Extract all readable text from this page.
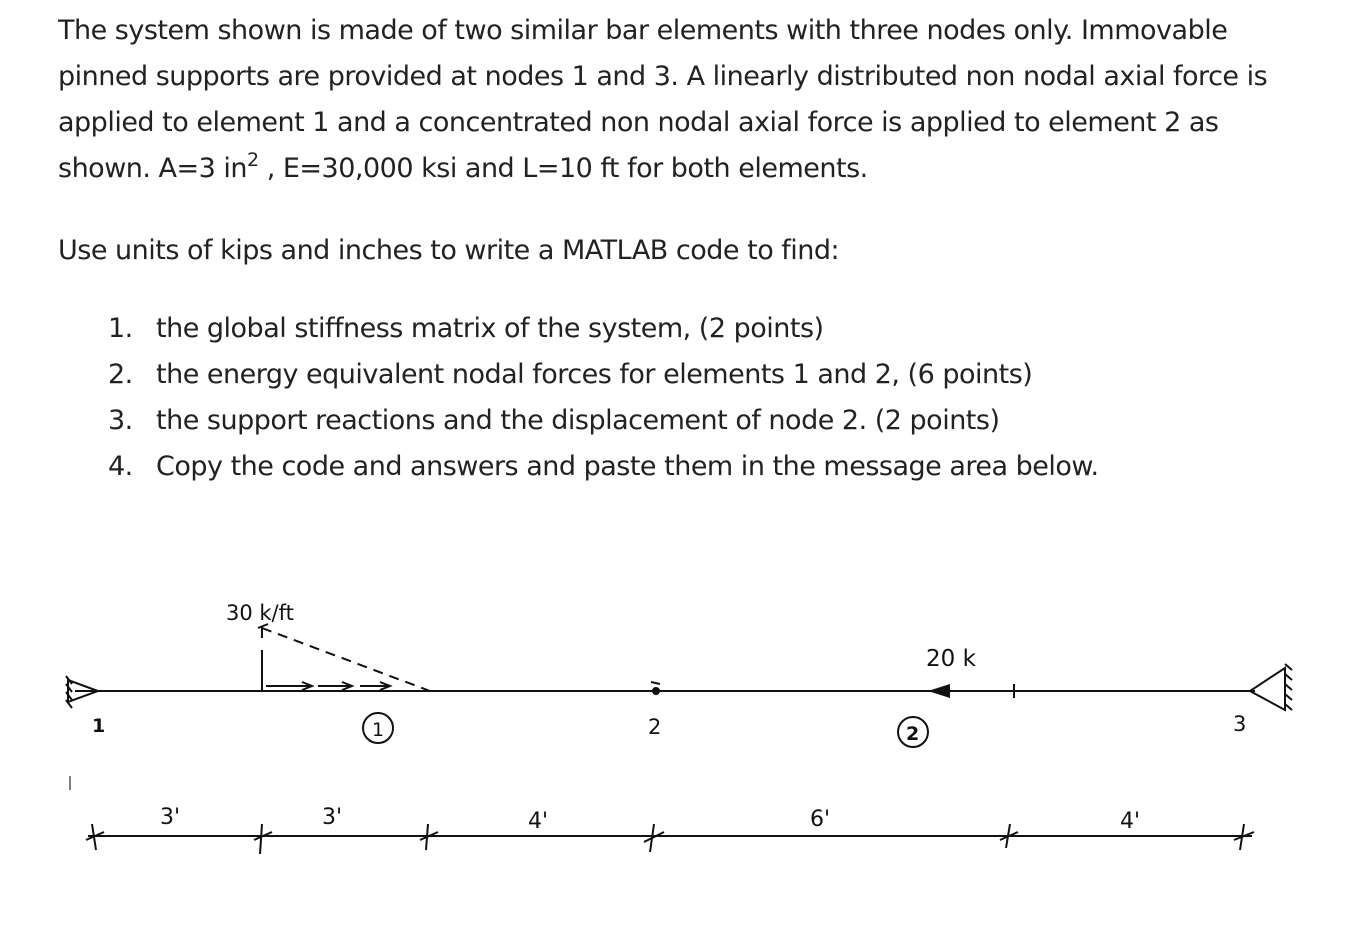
The system shown is made of two similar bar elements with three nodes only. Immovable pinned supports are provided at nodes 1 and 3. A linearly distributed non nodal axial force is applied to element 1 and a concentrated non nodal axial force is applied to element 2 as shown. A=3 $in^2$ , E=30,000 ksi and L=10 ft for both elements.

Use units of kips and inches to write a MATLAB code to find:

1. the global stiffness matrix of the system, (2 points)
2. the energy equivalent nodal forces for elements 1 and 2, (6 points)
3. the support reactions and the displacement of node 2. (2 points)
4. Copy the code and answers and paste them in the message area below.
30 k/ft
20 k
1	2	3
1	2
3'	3'	4'	6'	4'
